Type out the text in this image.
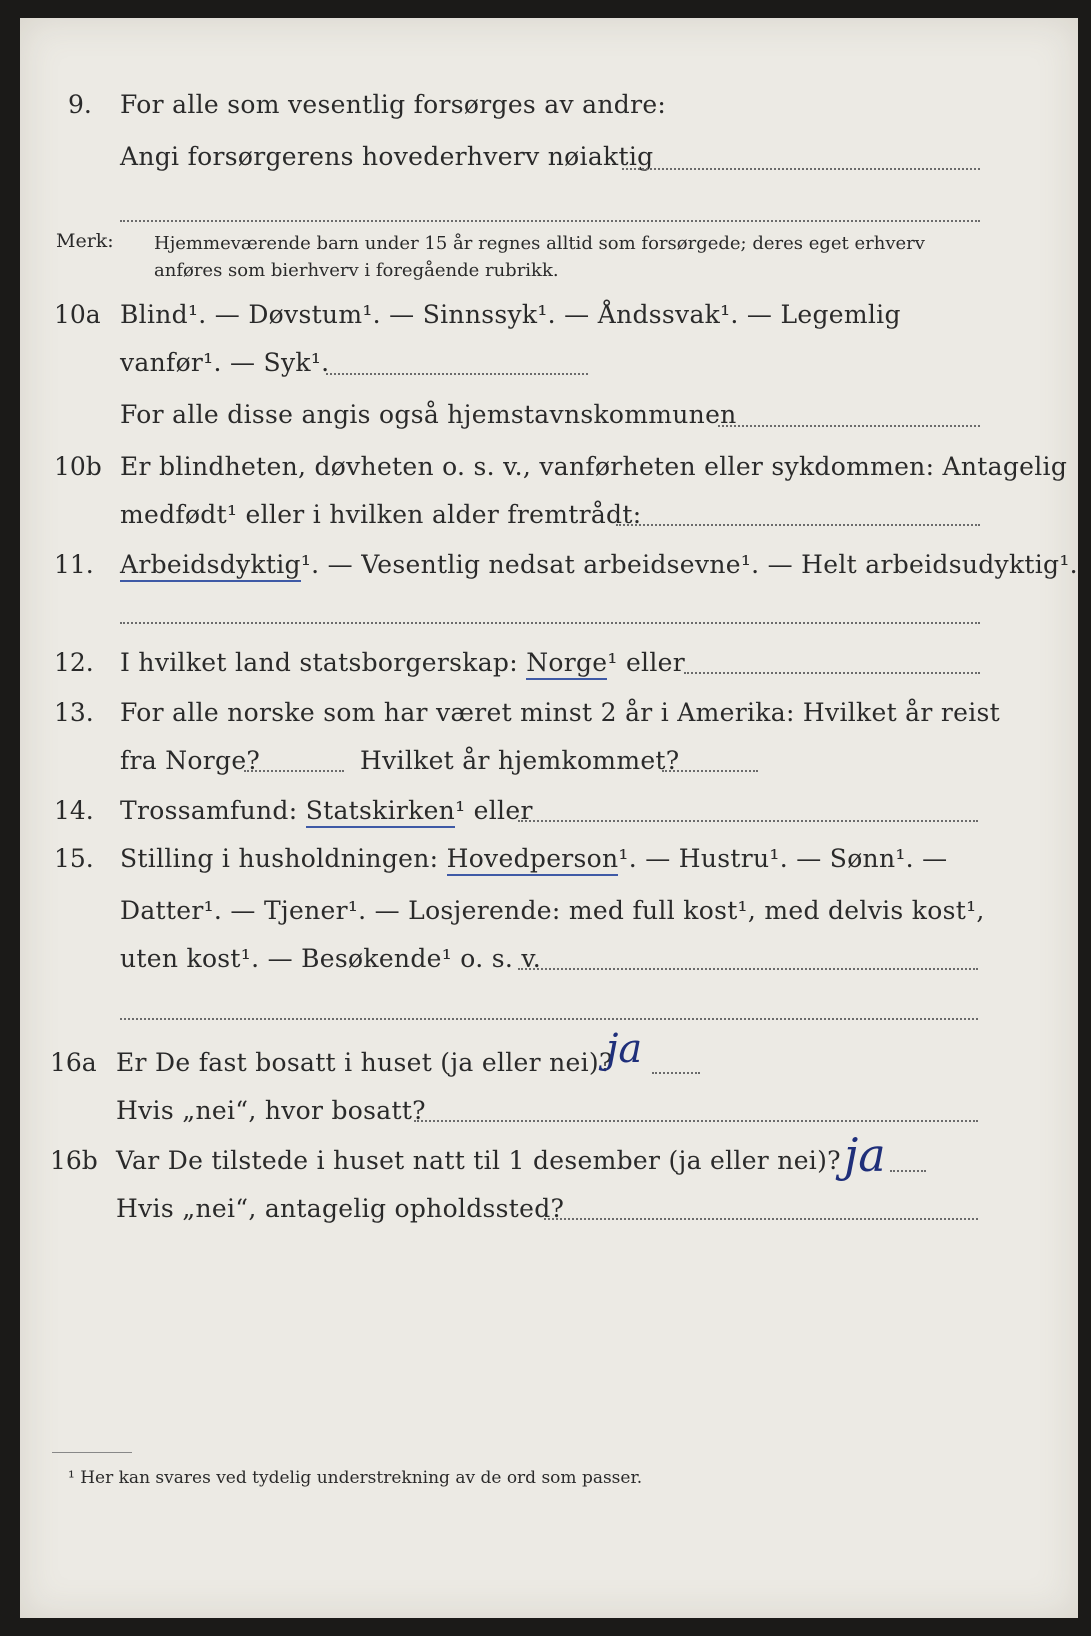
9. For alle som vesentlig forsørges av andre:
Angi forsørgerens hovederhverv nøiaktig
Merk: Hjemmeværende barn under 15 år regnes alltid som forsørgede; deres eget erhverv
anføres som bierhverv i foregående rubrikk.
10a Blind¹. — Døvstum¹. — Sinnssyk¹. — Åndssvak¹. — Legemlig
vanfør¹. — Syk¹.
For alle disse angis også hjemstavnskommunen
10b Er blindheten, døvheten o. s. v., vanførheten eller sykdommen: Antagelig
medfødt¹ eller i hvilken alder fremtrådt:
11. Arbeidsdyktig¹. — Vesentlig nedsat arbeidsevne¹. — Helt arbeidsudyktig¹.
12. I hvilket land statsborgerskap: Norge¹ eller
13. For alle norske som har været minst 2 år i Amerika: Hvilket år reist
fra Norge?	Hvilket år hjemkommet?
14. Trossamfund: Statskirken¹ eller
15. Stilling i husholdningen: Hovedperson¹. — Hustru¹. — Sønn¹. —
Datter¹. — Tjener¹. — Losjerende: med full kost¹, med delvis kost¹,
uten kost¹. — Besøkende¹ o. s. v.
16a Er De fast bosatt i huset (ja eller nei)?
ja
Hvis „nei“, hvor bosatt?
16b Var De tilstede i huset natt til 1 desember (ja eller nei)? ja
Hvis „nei“, antagelig opholdssted?
¹ Her kan svares ved tydelig understrekning av de ord som passer.
